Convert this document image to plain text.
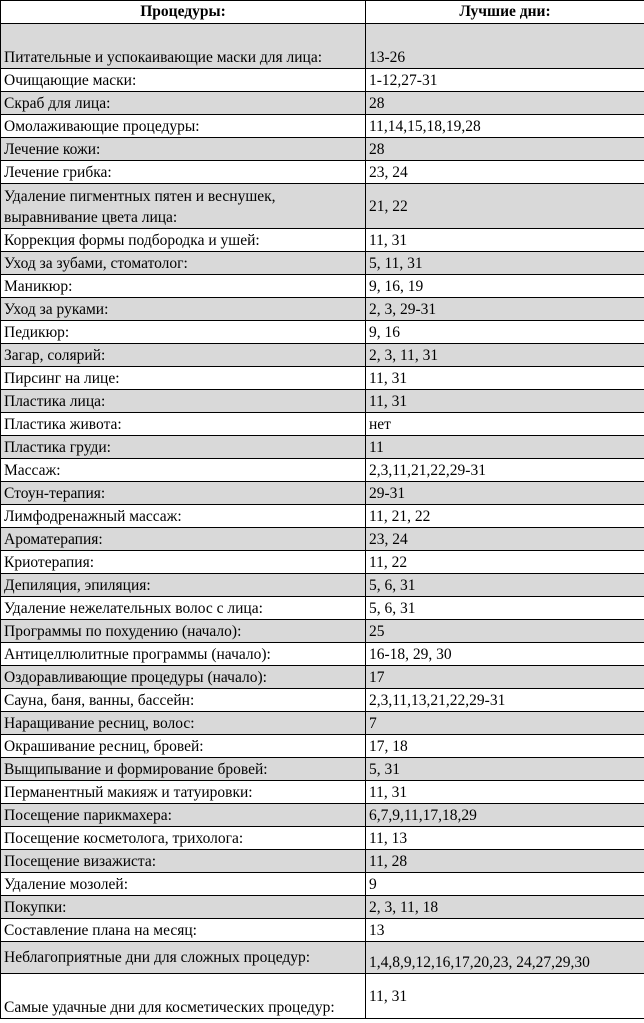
Процедуры:	Лучшие дни:
Питательные и успокаивающие маски для лица:	13-26
Очищающие маски:	1-12,27-31
Скраб для лица:	28
Омолаживающие процедуры:	11,14,15,18,19,28
Лечение кожи:	28
Лечение грибка:	23, 24
Удаление пигментных пятен и веснушек, выравнивание цвета лица:	21, 22
Коррекция формы подбородка и ушей:	11, 31
Уход за зубами, стоматолог:	5, 11, 31
Маникюр:	9, 16, 19
Уход за руками:	2, 3, 29-31
Педикюр:	9, 16
Загар, солярий:	2, 3, 11, 31
Пирсинг на лице:	11, 31
Пластика лица:	11, 31
Пластика живота:	нет
Пластика груди:	11
Массаж:	2,3,11,21,22,29-31
Стоун-терапия:	29-31
Лимфодренажный массаж:	11, 21, 22
Ароматерапия:	23, 24
Криотерапия:	11, 22
Депиляция, эпиляция:	5, 6, 31
Удаление нежелательных волос с лица:	5, 6, 31
Программы по похудению (начало):	25
Антицеллюлитные программы (начало):	16-18, 29, 30
Оздоравливающие процедуры (начало):	17
Сауна, баня, ванны, бассейн:	2,3,11,13,21,22,29-31
Наращивание ресниц, волос:	7
Окрашивание ресниц, бровей:	17, 18
Выщипывание и формирование бровей:	5, 31
Перманентный макияж и татуировки:	11, 31
Посещение парикмахера:	6,7,9,11,17,18,29
Посещение косметолога, трихолога:	11, 13
Посещение визажиста:	11, 28
Удаление мозолей:	9
Покупки:	2, 3, 11, 18
Составление плана на месяц:	13
Неблагоприятные дни для сложных процедур:	1,4,8,9,12,16,17,20,23, 24,27,29,30
Самые удачные дни для косметических процедур:	11, 31
